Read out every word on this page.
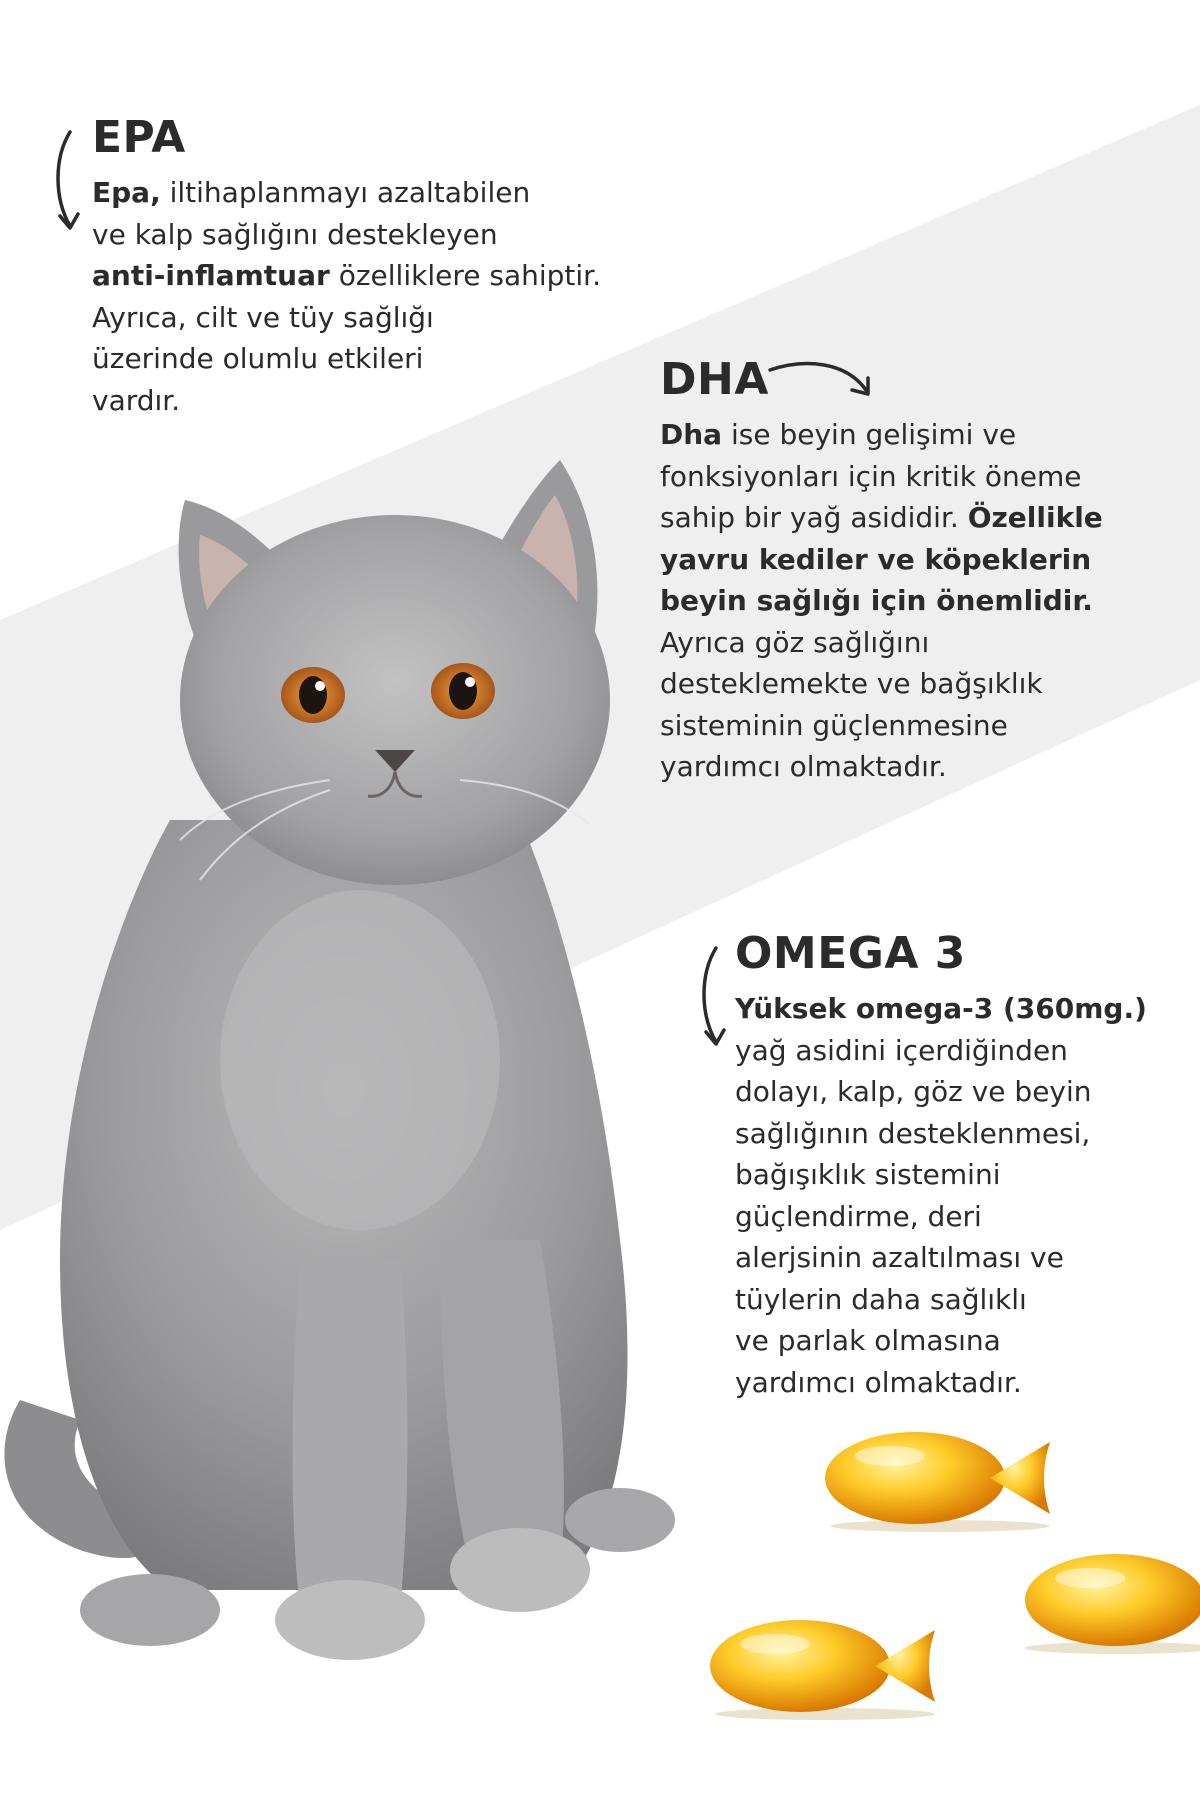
EPA

Epa, iltihaplanmayı azaltabilen
ve kalp sağlığını destekleyen
anti-inflamtuar özelliklere sahiptir.
Ayrıca, cilt ve tüy sağlığı
üzerinde olumlu etkileri
vardır.	DHA

Dha ise beyin gelişimi ve
fonksiyonları için kritik öneme
sahip bir yağ asididir. Özellikle
yavru kediler ve köpeklerin
beyin sağlığı için önemlidir.
Ayrıca göz sağlığını
desteklemekte ve bağşıklık
sisteminin güçlenmesine
yardımcı olmaktadır.

OMEGA 3

Yüksek omega-3 (360mg.)
yağ asidini içerdiğinden
dolayı, kalp, göz ve beyin
sağlığının desteklenmesi,
bağışıklık sistemini
güçlendirme, deri
alerjsinin azaltılması ve
tüylerin daha sağlıklı
ve parlak olmasına
yardımcı olmaktadır.
